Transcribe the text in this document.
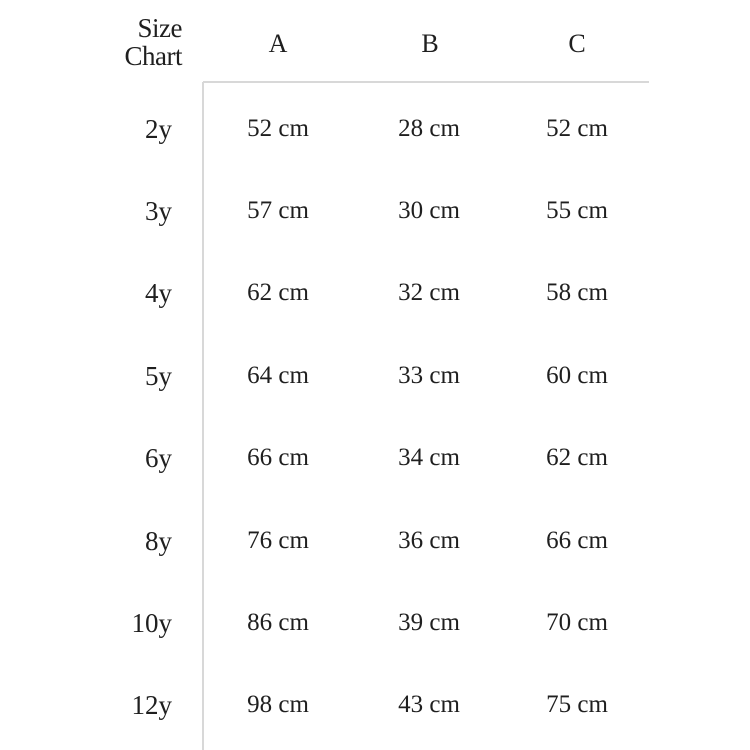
Size
Chart	A	B	C
2y	52 cm	28 cm	52 cm
3y	57 cm	30 cm	55 cm
4y	62 cm	32 cm	58 cm
5y	64 cm	33 cm	60 cm
6y	66 cm	34 cm	62 cm
8y	76 cm	36 cm	66 cm
10y	86 cm	39 cm	70 cm
12y	98 cm	43 cm	75 cm
